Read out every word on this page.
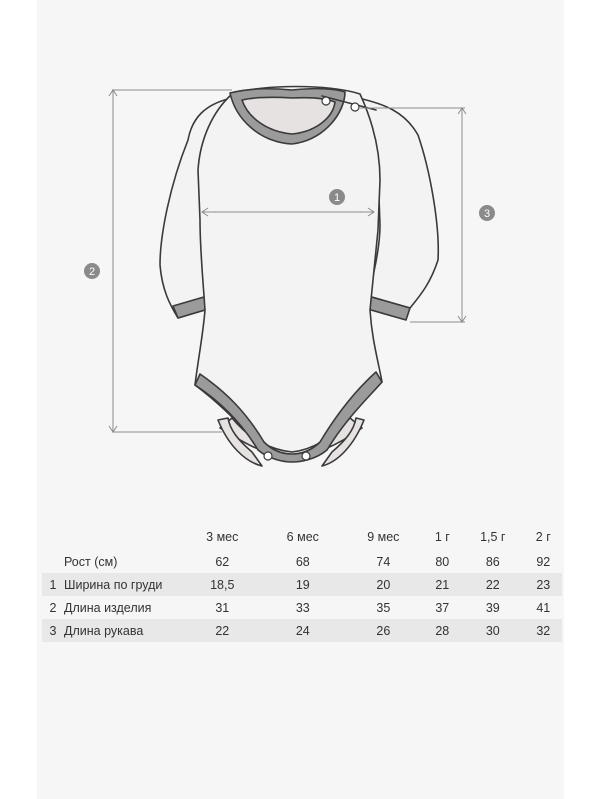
1
2
3
		3 мес	6 мес	9 мес	1 г	1,5 г	2 г
	Рост (см)	62	68	74	80	86	92
1	Ширина по груди	18,5	19	20	21	22	23
2	Длина изделия	31	33	35	37	39	41
3	Длина рукава	22	24	26	28	30	32
